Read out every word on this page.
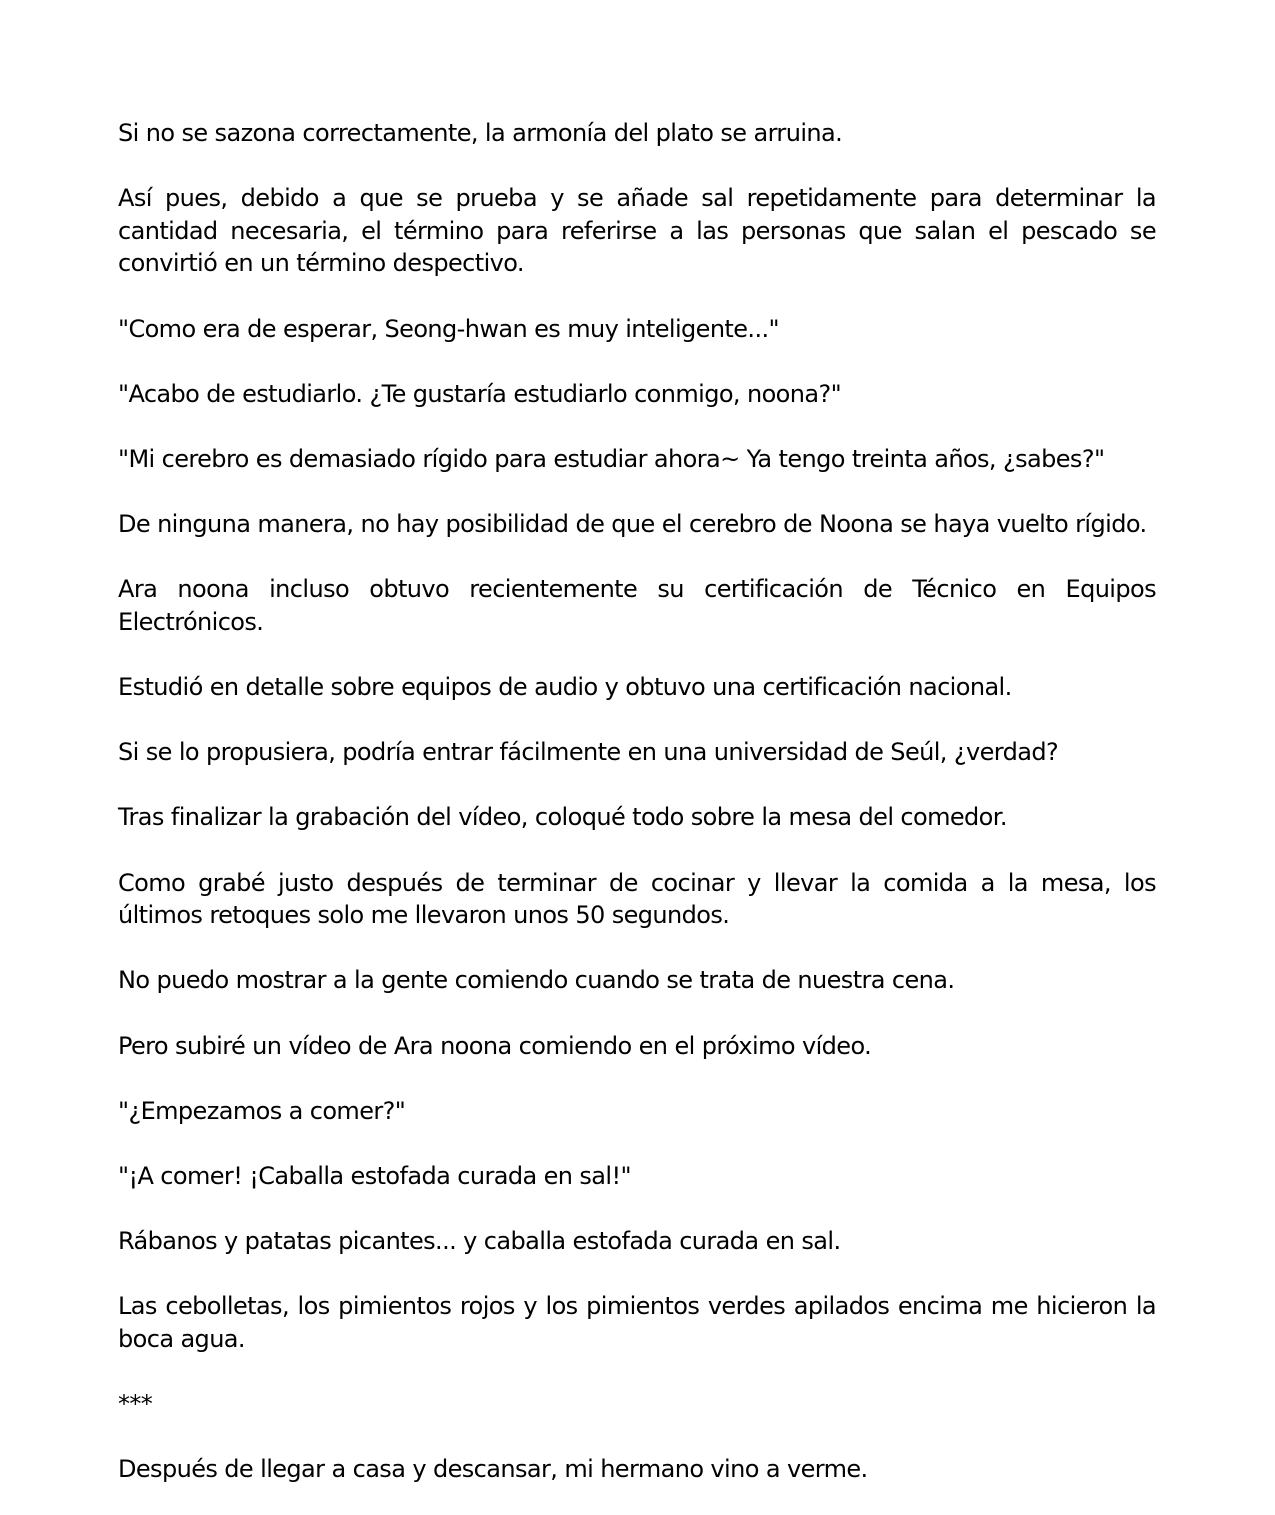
Si no se sazona correctamente, la armonía del plato se arruina.

Así pues, debido a que se prueba y se añade sal repetidamente para determinar la cantidad necesaria, el término para referirse a las personas que salan el pescado se convirtió en un término despectivo.

"Como era de esperar, Seong-hwan es muy inteligente..."

"Acabo de estudiarlo. ¿Te gustaría estudiarlo conmigo, noona?"

"Mi cerebro es demasiado rígido para estudiar ahora~ Ya tengo treinta años, ¿sabes?"

De ninguna manera, no hay posibilidad de que el cerebro de Noona se haya vuelto rígido.

Ara noona incluso obtuvo recientemente su certificación de Técnico en Equipos Electrónicos.

Estudió en detalle sobre equipos de audio y obtuvo una certificación nacional.

Si se lo propusiera, podría entrar fácilmente en una universidad de Seúl, ¿verdad?

Tras finalizar la grabación del vídeo, coloqué todo sobre la mesa del comedor.

Como grabé justo después de terminar de cocinar y llevar la comida a la mesa, los últimos retoques solo me llevaron unos 50 segundos.

No puedo mostrar a la gente comiendo cuando se trata de nuestra cena.

Pero subiré un vídeo de Ara noona comiendo en el próximo vídeo.

"¿Empezamos a comer?"

"¡A comer! ¡Caballa estofada curada en sal!"

Rábanos y patatas picantes... y caballa estofada curada en sal.

Las cebolletas, los pimientos rojos y los pimientos verdes apilados encima me hicieron la boca agua.

***

Después de llegar a casa y descansar, mi hermano vino a verme.
